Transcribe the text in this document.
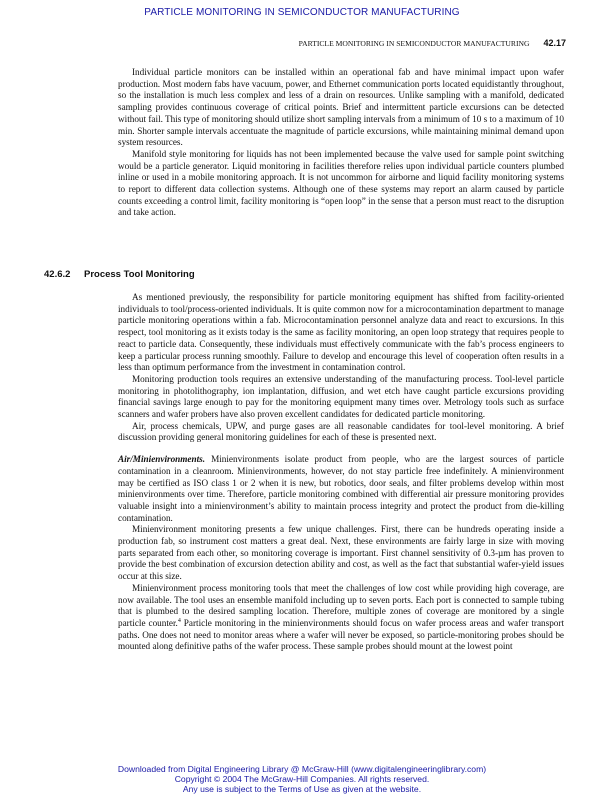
PARTICLE MONITORING IN SEMICONDUCTOR MANUFACTURING
PARTICLE MONITORING IN SEMICONDUCTOR MANUFACTURING 42.17

Individual particle monitors can be installed within an operational fab and have minimal impact upon wafer production. Most modern fabs have vacuum, power, and Ethernet communication ports located equidistantly throughout, so the installation is much less complex and less of a drain on resources. Unlike sampling with a manifold, dedicated sampling provides continuous coverage of critical points. Brief and intermittent particle excursions can be detected without fail. This type of monitoring should utilize short sampling intervals from a minimum of 10 s to a maximum of 10 min. Shorter sample intervals accentuate the magnitude of particle excursions, while maintaining minimal demand upon system resources.

Manifold style monitoring for liquids has not been implemented because the valve used for sample point switching would be a particle generator. Liquid monitoring in facilities therefore relies upon individual particle counters plumbed inline or used in a mobile monitoring approach. It is not uncommon for airborne and liquid facility monitoring systems to report to different data collection systems. Although one of these systems may report an alarm caused by particle counts exceeding a control limit, facility monitoring is “open loop” in the sense that a person must react to the disruption and take action.

42.6.2 Process Tool Monitoring

As mentioned previously, the responsibility for particle monitoring equipment has shifted from facility-oriented individuals to tool/process-oriented individuals. It is quite common now for a microcontamination department to manage particle monitoring operations within a fab. Microcontamination personnel analyze data and react to excursions. In this respect, tool monitoring as it exists today is the same as facility monitoring, an open loop strategy that requires people to react to particle data. Consequently, these individuals must effectively communicate with the fab’s process engineers to keep a particular process running smoothly. Failure to develop and encourage this level of cooperation often results in a less than optimum performance from the investment in contamination control.

Monitoring production tools requires an extensive understanding of the manufacturing process. Tool-level particle monitoring in photolithography, ion implantation, diffusion, and wet etch have caught particle excursions providing financial savings large enough to pay for the monitoring equipment many times over. Metrology tools such as surface scanners and wafer probers have also proven excellent candidates for dedicated particle monitoring.

Air, process chemicals, UPW, and purge gases are all reasonable candidates for tool-level monitoring. A brief discussion providing general monitoring guidelines for each of these is presented next.

Air/Minienvironments. Minienvironments isolate product from people, who are the largest sources of particle contamination in a cleanroom. Minienvironments, however, do not stay particle free indefinitely. A minienvironment may be certified as ISO class 1 or 2 when it is new, but robotics, door seals, and filter problems develop within most minienvironments over time. Therefore, particle monitoring combined with differential air pressure monitoring provides valuable insight into a minienvironment’s ability to maintain process integrity and protect the product from die-killing contamination.

Minienvironment monitoring presents a few unique challenges. First, there can be hundreds operating inside a production fab, so instrument cost matters a great deal. Next, these environments are fairly large in size with moving parts separated from each other, so monitoring coverage is important. First channel sensitivity of 0.3-µm has proven to provide the best combination of excursion detection ability and cost, as well as the fact that substantial wafer-yield issues occur at this size.

Minienvironment process monitoring tools that meet the challenges of low cost while providing high coverage, are now available. The tool uses an ensemble manifold including up to seven ports. Each port is connected to sample tubing that is plumbed to the desired sampling location. Therefore, multiple zones of coverage are monitored by a single particle counter.$^4$ Particle monitoring in the minienvironments should focus on wafer process areas and wafer transport paths. One does not need to monitor areas where a wafer will never be exposed, so particle-monitoring probes should be mounted along definitive paths of the wafer process. These sample probes should mount at the lowest point

Downloaded from Digital Engineering Library @ McGraw-Hill (www.digitalengineeringlibrary.com)
Copyright © 2004 The McGraw-Hill Companies. All rights reserved.
Any use is subject to the Terms of Use as given at the website.
